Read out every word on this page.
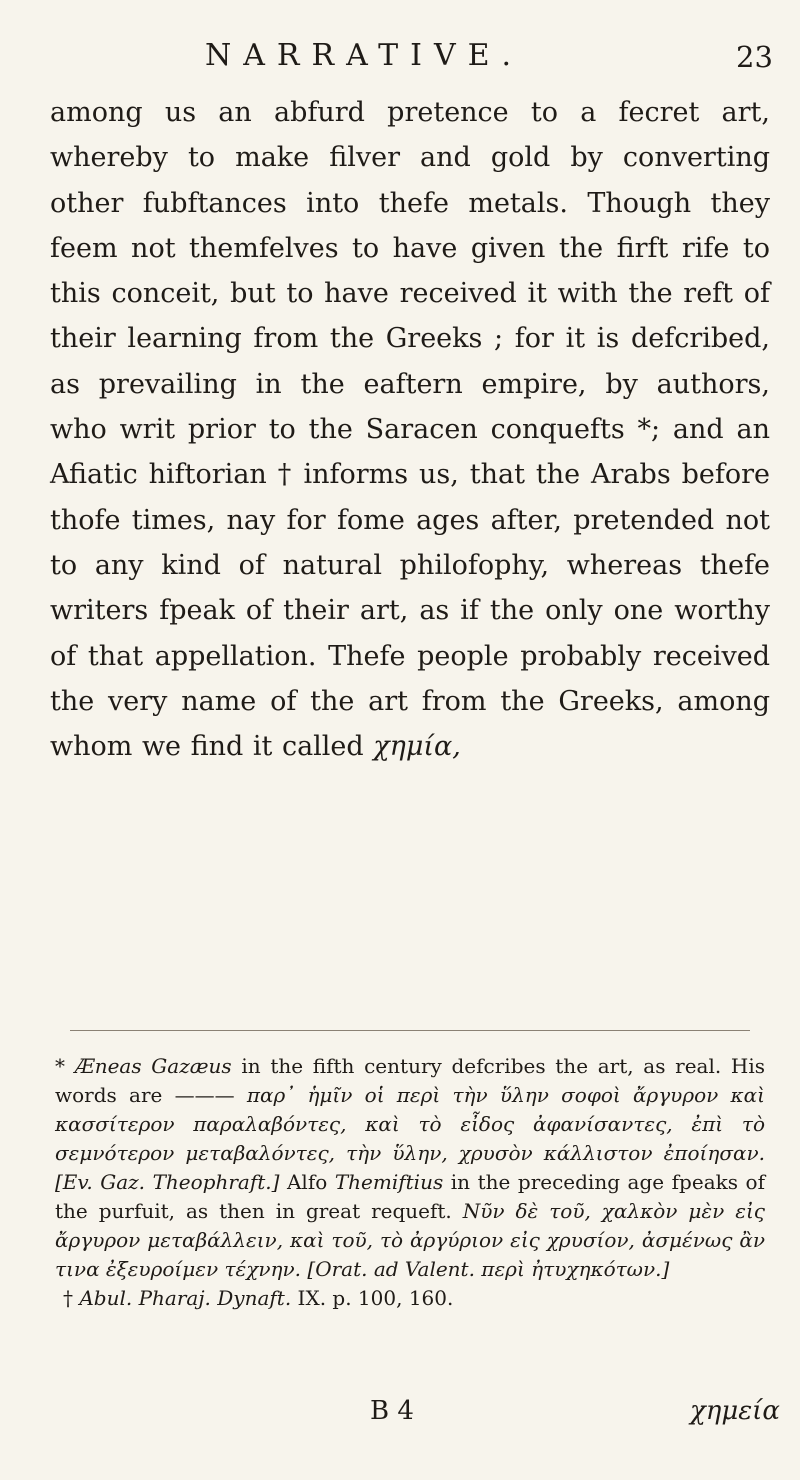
NARRATIVE.	23

among us an abfurd pretence to a fecret art, whereby to make filver and gold by converting other fubftances into thefe metals. Though they feem not themfelves to have given the firft rife to this conceit, but to have received it with the reft of their learning from the Greeks ; for it is defcribed, as prevailing in the eaftern empire, by authors, who writ prior to the Saracen conquefts *; and an Afiatic hiftorian † informs us, that the Arabs before thofe times, nay for fome ages after, pretended not to any kind of natural philofophy, whereas thefe writers fpeak of their art, as if the only one worthy of that appellation. Thefe people probably received the very name of the art from the Greeks, among whom we find it called χημία,

* Æneas Gazæus in the fifth century defcribes the art, as real. His words are ——— παρ᾽ ἡμῖν οἱ περὶ τὴν ὕλην σοφοὶ ἄργυρον καὶ κασσίτερον παραλαβόντες, καὶ τὸ εἶδος ἀφανίσαντες, ἐπὶ τὸ σεμνότερον μεταβαλόντες, τὴν ὕλην, χρυσὸν κάλλιστον ἐποίησαν. [Ev. Gaz. Theophraft.] Alfo Themiftius in the preceding age fpeaks of the purfuit, as then in great requeft. Νῦν δὲ τοῦ, χαλκὸν μὲν εἰς ἄργυρον μεταβάλλειν, καὶ τοῦ, τὸ ἀργύριον εἰς χρυσίον, ἀσμένως ἂν τινα ἐξευροίμεν τέχνην. [Orat. ad Valent. περὶ ἠτυχηκότων.]

† Abul. Pharaj. Dynaft. IX. p. 100, 160.

B 4	χημεία
